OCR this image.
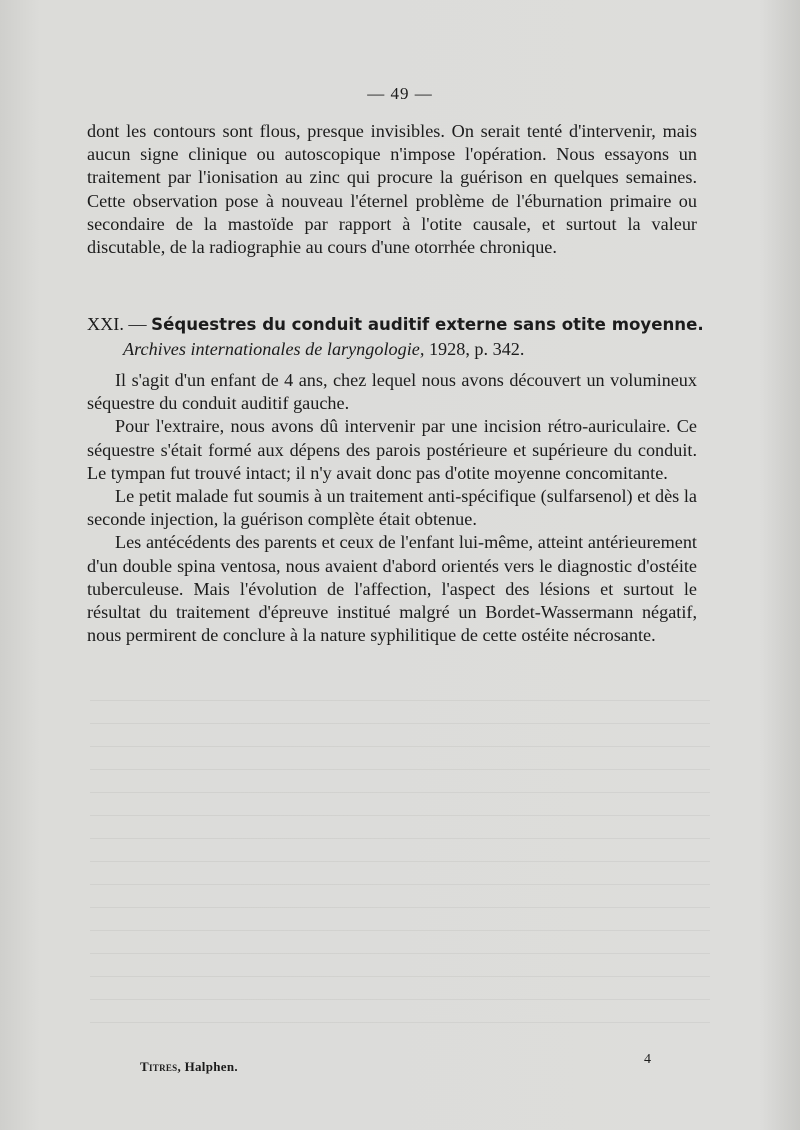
— 49 —

dont les contours sont flous, presque invisibles. On serait tenté d'intervenir, mais aucun signe clinique ou autoscopique n'impose l'opération. Nous essayons un traitement par l'ionisation au zinc qui procure la guérison en quelques semaines. Cette observation pose à nouveau l'éternel problème de l'éburnation primaire ou secondaire de la mastoïde par rapport à l'otite causale, et surtout la valeur discutable, de la radiographie au cours d'une otorrhée chronique.

XXI. — Séquestres du conduit auditif externe sans otite moyenne.
Archives internationales de laryngologie, 1928, p. 342.

Il s'agit d'un enfant de 4 ans, chez lequel nous avons découvert un volumineux séquestre du conduit auditif gauche.

Pour l'extraire, nous avons dû intervenir par une incision rétro-auriculaire. Ce séquestre s'était formé aux dépens des parois postérieure et supérieure du conduit. Le tympan fut trouvé intact; il n'y avait donc pas d'otite moyenne concomitante.

Le petit malade fut soumis à un traitement anti-spécifique (sulfarsenol) et dès la seconde injection, la guérison complète était obtenue.

Les antécédents des parents et ceux de l'enfant lui-même, atteint antérieurement d'un double spina ventosa, nous avaient d'abord orientés vers le diagnostic d'ostéite tuberculeuse. Mais l'évolution de l'affection, l'aspect des lésions et surtout le résultat du traitement d'épreuve institué malgré un Bordet-Wassermann négatif, nous permirent de conclure à la nature syphilitique de cette ostéite nécrosante.

Titres, Halphen.	4
